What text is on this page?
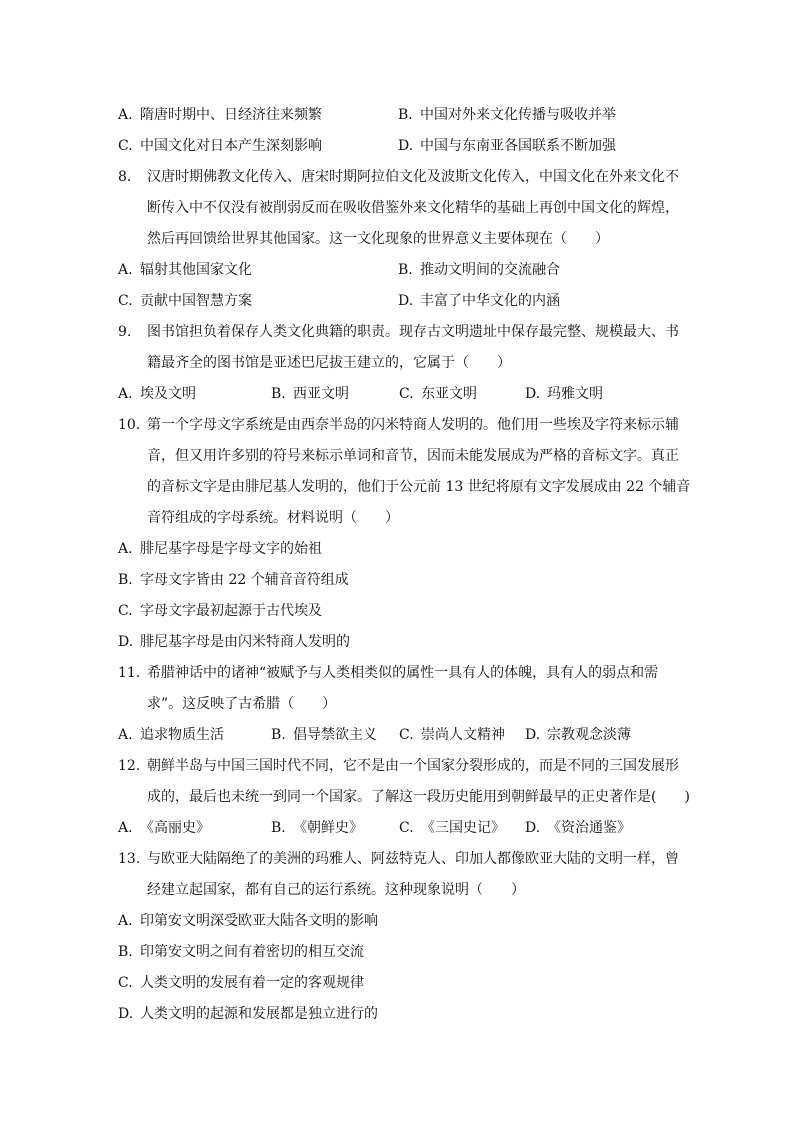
A. 隋唐时期中、日经济往来频繁	B. 中国对外来文化传播与吸收并举
C. 中国文化对日本产生深刻影响	D. 中国与东南亚各国联系不断加强
8. 汉唐时期佛教文化传入、唐宋时期阿拉伯文化及波斯文化传入，中国文化在外来文化不
断传入中不仅没有被削弱反而在吸收借鉴外来文化精华的基础上再创中国文化的辉煌，
然后再回馈给世界其他国家。这一文化现象的世界意义主要体现在（　　）
A. 辐射其他国家文化	B. 推动文明间的交流融合
C. 贡献中国智慧方案	D. 丰富了中华文化的内涵
9. 图书馆担负着保存人类文化典籍的职责。现存古文明遗址中保存最完整、规模最大、书
籍最齐全的图书馆是亚述巴尼拔王建立的，它属于（　　）
A. 埃及文明	B. 西亚文明	C. 东亚文明	D. 玛雅文明
10. 第一个字母文字系统是由西奈半岛的闪米特商人发明的。他们用一些埃及字符来标示辅
音，但又用许多别的符号来标示单词和音节，因而未能发展成为严格的音标文字。真正
的音标文字是由腓尼基人发明的，他们于公元前 13 世纪将原有文字发展成由 22 个辅音
音符组成的字母系统。材料说明（　　）
A. 腓尼基字母是字母文字的始祖
B. 字母文字皆由 22 个辅音音符组成
C. 字母文字最初起源于古代埃及
D. 腓尼基字母是由闪米特商人发明的
11. 希腊神话中的诸神“被赋予与人类相类似的属性一具有人的体魄，具有人的弱点和需
求”。这反映了古希腊（　　）
A. 追求物质生活	B. 倡导禁欲主义	C. 崇尚人文精神	D. 宗教观念淡薄
12. 朝鲜半岛与中国三国时代不同，它不是由一个国家分裂形成的，而是不同的三国发展形
成的，最后也未统一到同一个国家。了解这一段历史能用到朝鲜最早的正史著作是(　　)
A. 《高丽史》	B. 《朝鲜史》	C. 《三国史记》	D. 《资治通鉴》
13. 与欧亚大陆隔绝了的美洲的玛雅人、阿兹特克人、印加人都像欧亚大陆的文明一样，曾
经建立起国家，都有自己的运行系统。这种现象说明（　　）
A. 印第安文明深受欧亚大陆各文明的影响
B. 印第安文明之间有着密切的相互交流
C. 人类文明的发展有着一定的客观规律
D. 人类文明的起源和发展都是独立进行的
